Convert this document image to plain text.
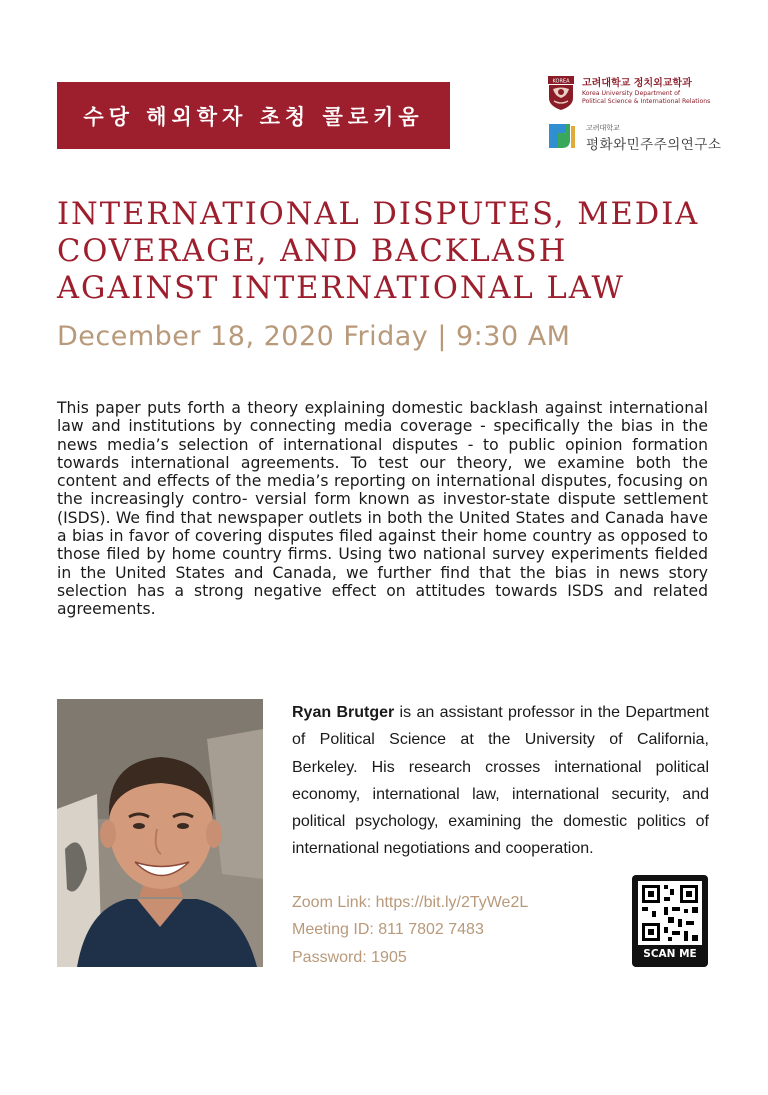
수당 해외학자 초청 콜로키움
KOREA 고려대학교 정치외교학과
Korea University Department of
Political Science & International Relations
고려대학교
평화와민주주의연구소
INTERNATIONAL DISPUTES, MEDIA
COVERAGE, AND BACKLASH
AGAINST INTERNATIONAL LAW
December 18, 2020 Friday | 9:30 AM

This paper puts forth a theory explaining domestic backlash against international law and institutions by connecting media coverage - specifically the bias in the news media’s selection of international disputes - to public opinion formation towards international agreements. To test our theory, we examine both the content and effects of the media’s reporting on international disputes, focusing on the increasingly contro- versial form known as investor-state dispute settlement (ISDS). We find that newspaper outlets in both the United States and Canada have a bias in favor of covering disputes filed against their home country as opposed to those filed by home country firms. Using two national survey experiments fielded in the United States and Canada, we further find that the bias in news story selection has a strong negative effect on attitudes towards ISDS and related agreements.

Ryan Brutger is an assistant professor in the Department of Political Science at the University of California, Berkeley. His research crosses international political economy, international law, international security, and political psychology, examining the domestic politics of international negotiations and cooperation.

Zoom Link: https://bit.ly/2TyWe2L
Meeting ID: 811 7802 7483
Password: 1905	SCAN ME
